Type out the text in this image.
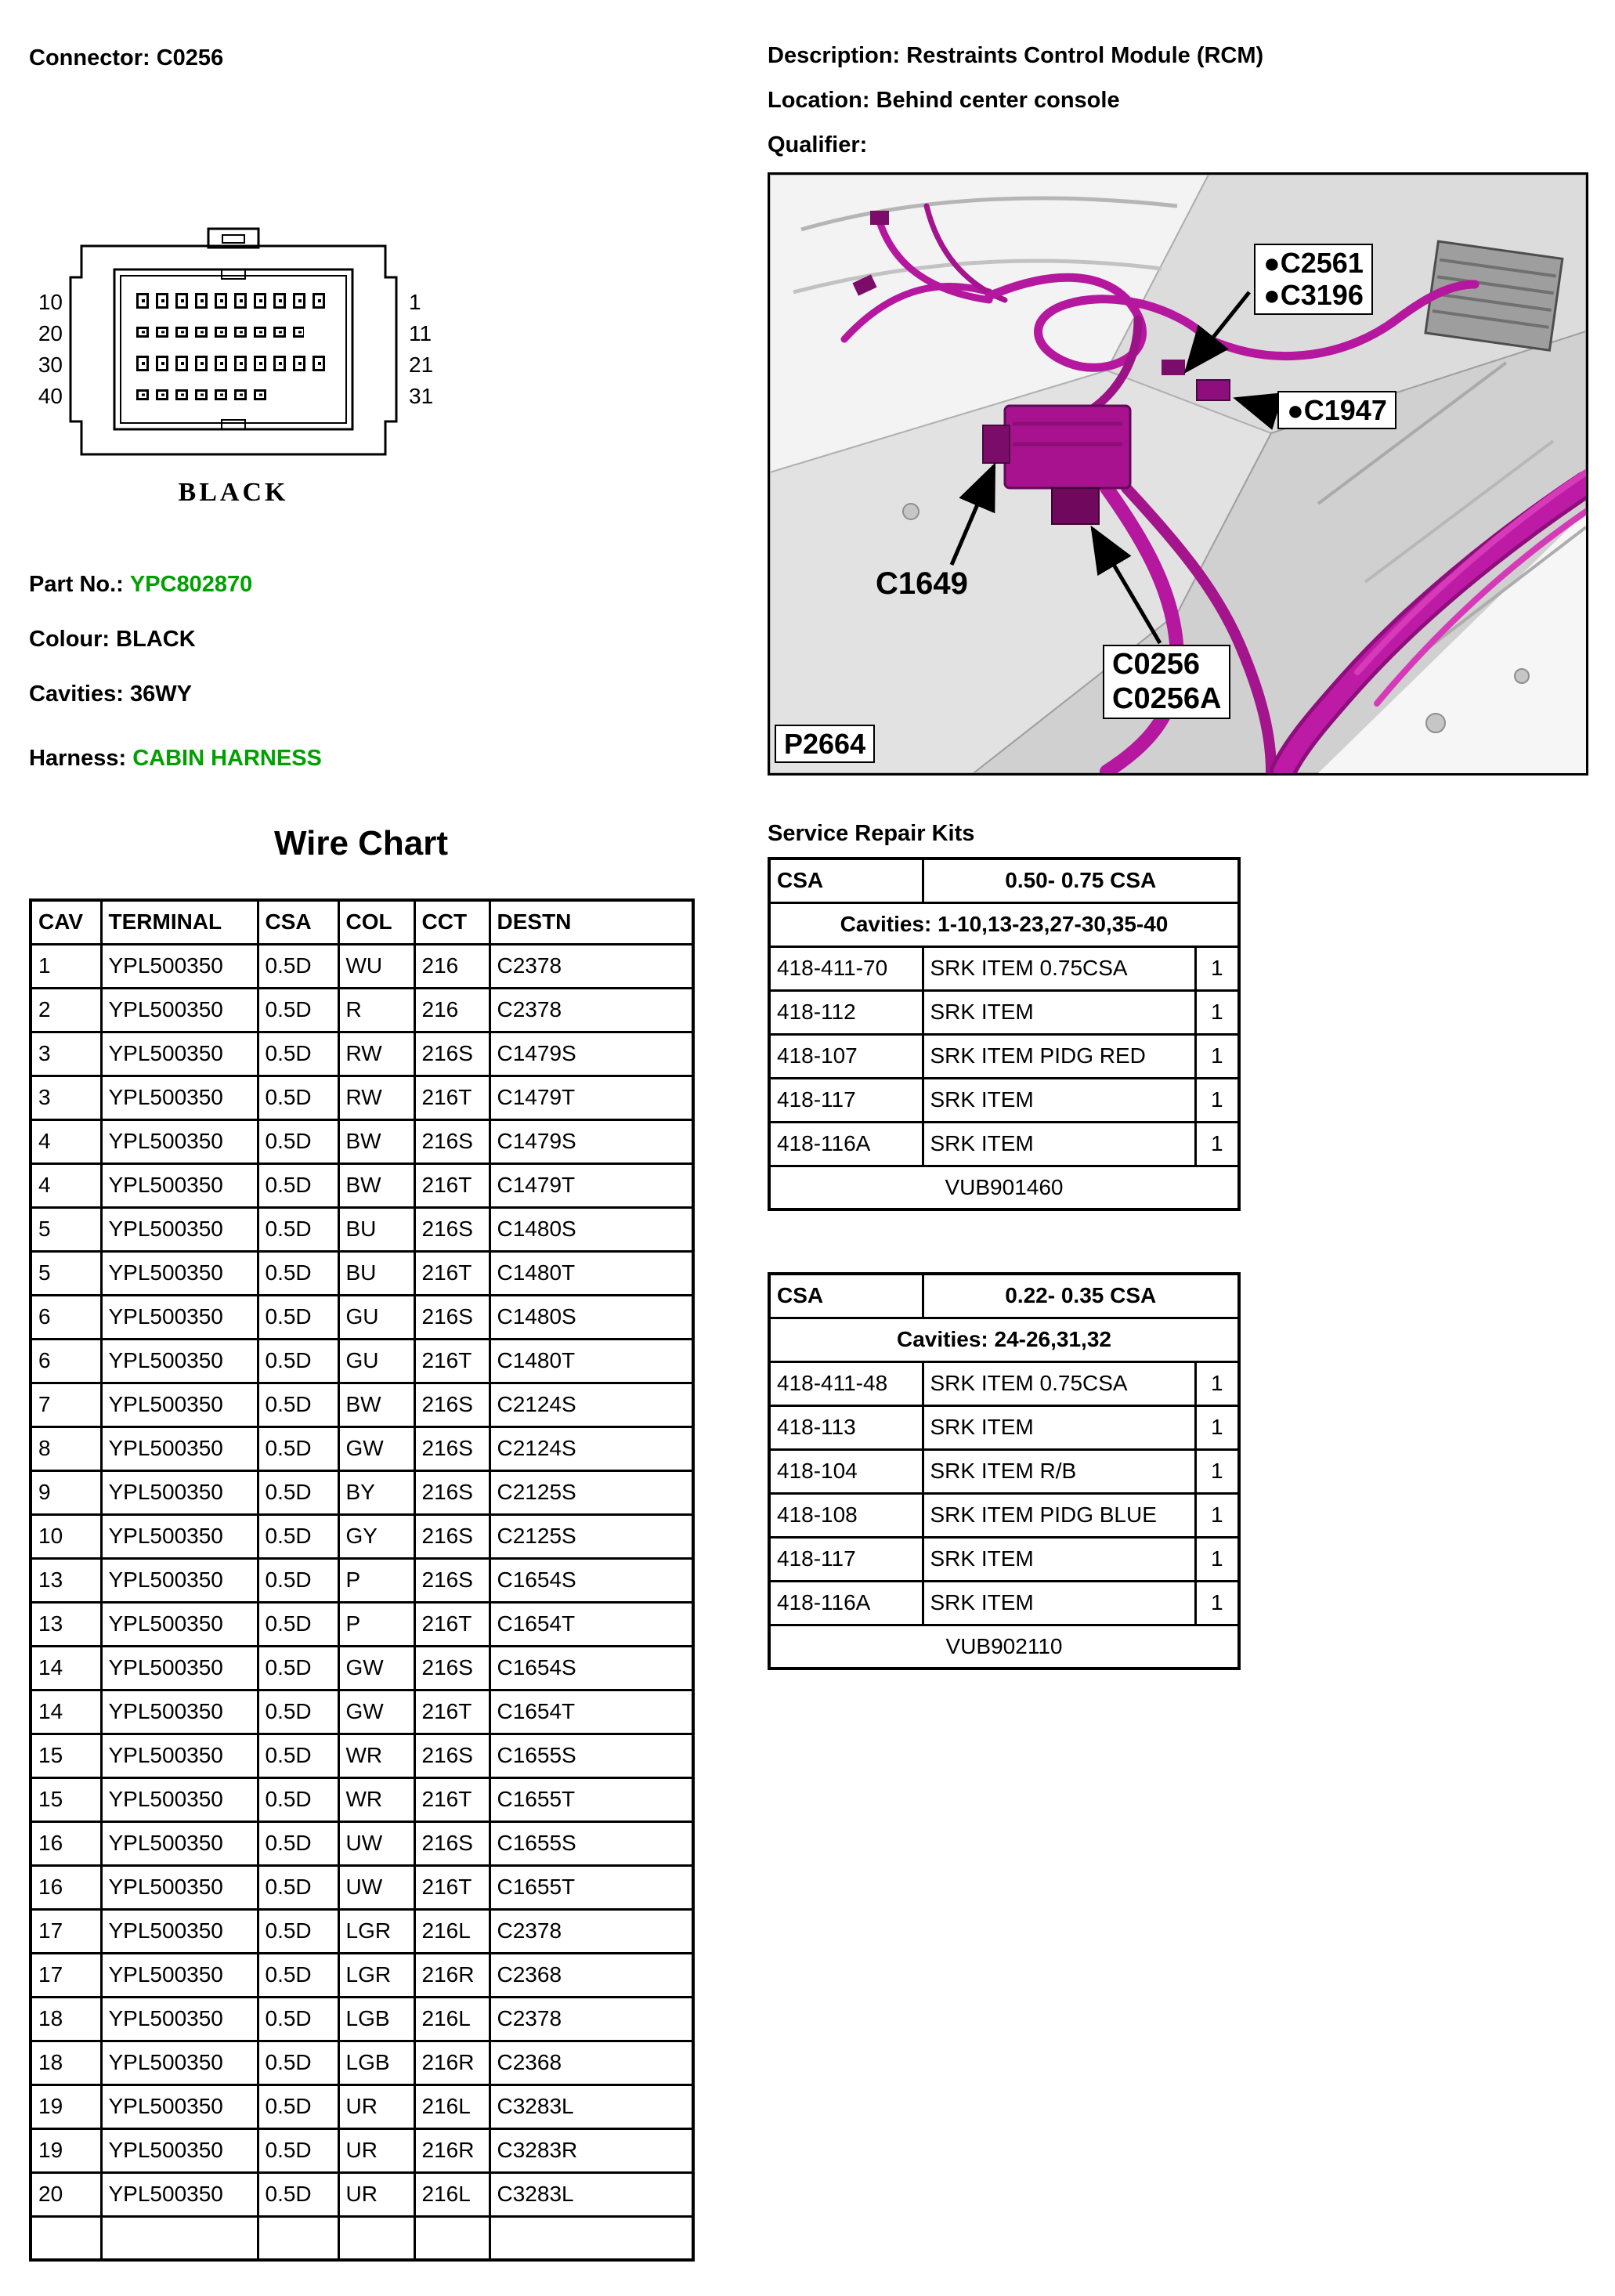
Connector: C0256	Description: Restraints Control Module (RCM)
Location: Behind center console
Qualifier:
10
20
30
40
1
11
21
31
BLACK
Part No.: YPC802870
Colour: BLACK
Cavities: 36WY
Harness: CABIN HARNESS
●C2561
●C3196
●C1947
C1649
C0256
C0256A
P2664
Wire Chart
CAV	TERMINAL	CSA	COL	CCT	DESTN
1	YPL500350	0.5D	WU	216	C2378
2	YPL500350	0.5D	R	216	C2378
3	YPL500350	0.5D	RW	216S	C1479S
3	YPL500350	0.5D	RW	216T	C1479T
4	YPL500350	0.5D	BW	216S	C1479S
4	YPL500350	0.5D	BW	216T	C1479T
5	YPL500350	0.5D	BU	216S	C1480S
5	YPL500350	0.5D	BU	216T	C1480T
6	YPL500350	0.5D	GU	216S	C1480S
6	YPL500350	0.5D	GU	216T	C1480T
7	YPL500350	0.5D	BW	216S	C2124S
8	YPL500350	0.5D	GW	216S	C2124S
9	YPL500350	0.5D	BY	216S	C2125S
10	YPL500350	0.5D	GY	216S	C2125S
13	YPL500350	0.5D	P	216S	C1654S
13	YPL500350	0.5D	P	216T	C1654T
14	YPL500350	0.5D	GW	216S	C1654S
14	YPL500350	0.5D	GW	216T	C1654T
15	YPL500350	0.5D	WR	216S	C1655S
15	YPL500350	0.5D	WR	216T	C1655T
16	YPL500350	0.5D	UW	216S	C1655S
16	YPL500350	0.5D	UW	216T	C1655T
17	YPL500350	0.5D	LGR	216L	C2378
17	YPL500350	0.5D	LGR	216R	C2368
18	YPL500350	0.5D	LGB	216L	C2378
18	YPL500350	0.5D	LGB	216R	C2368
19	YPL500350	0.5D	UR	216L	C3283L
19	YPL500350	0.5D	UR	216R	C3283R
20	YPL500350	0.5D	UR	216L	C3283L

Service Repair Kits
CSA	0.50- 0.75 CSA	
Cavities: 1-10,13-23,27-30,35-40		
418-411-70	SRK ITEM 0.75CSA	1
418-112	SRK ITEM	1
418-107	SRK ITEM PIDG RED	1
418-117	SRK ITEM	1
418-116A	SRK ITEM	1
VUB901460		
CSA	0.22- 0.35 CSA	
Cavities: 24-26,31,32		
418-411-48	SRK ITEM 0.75CSA	1
418-113	SRK ITEM	1
418-104	SRK ITEM R/B	1
418-108	SRK ITEM PIDG BLUE	1
418-117	SRK ITEM	1
418-116A	SRK ITEM	1
VUB902110		
